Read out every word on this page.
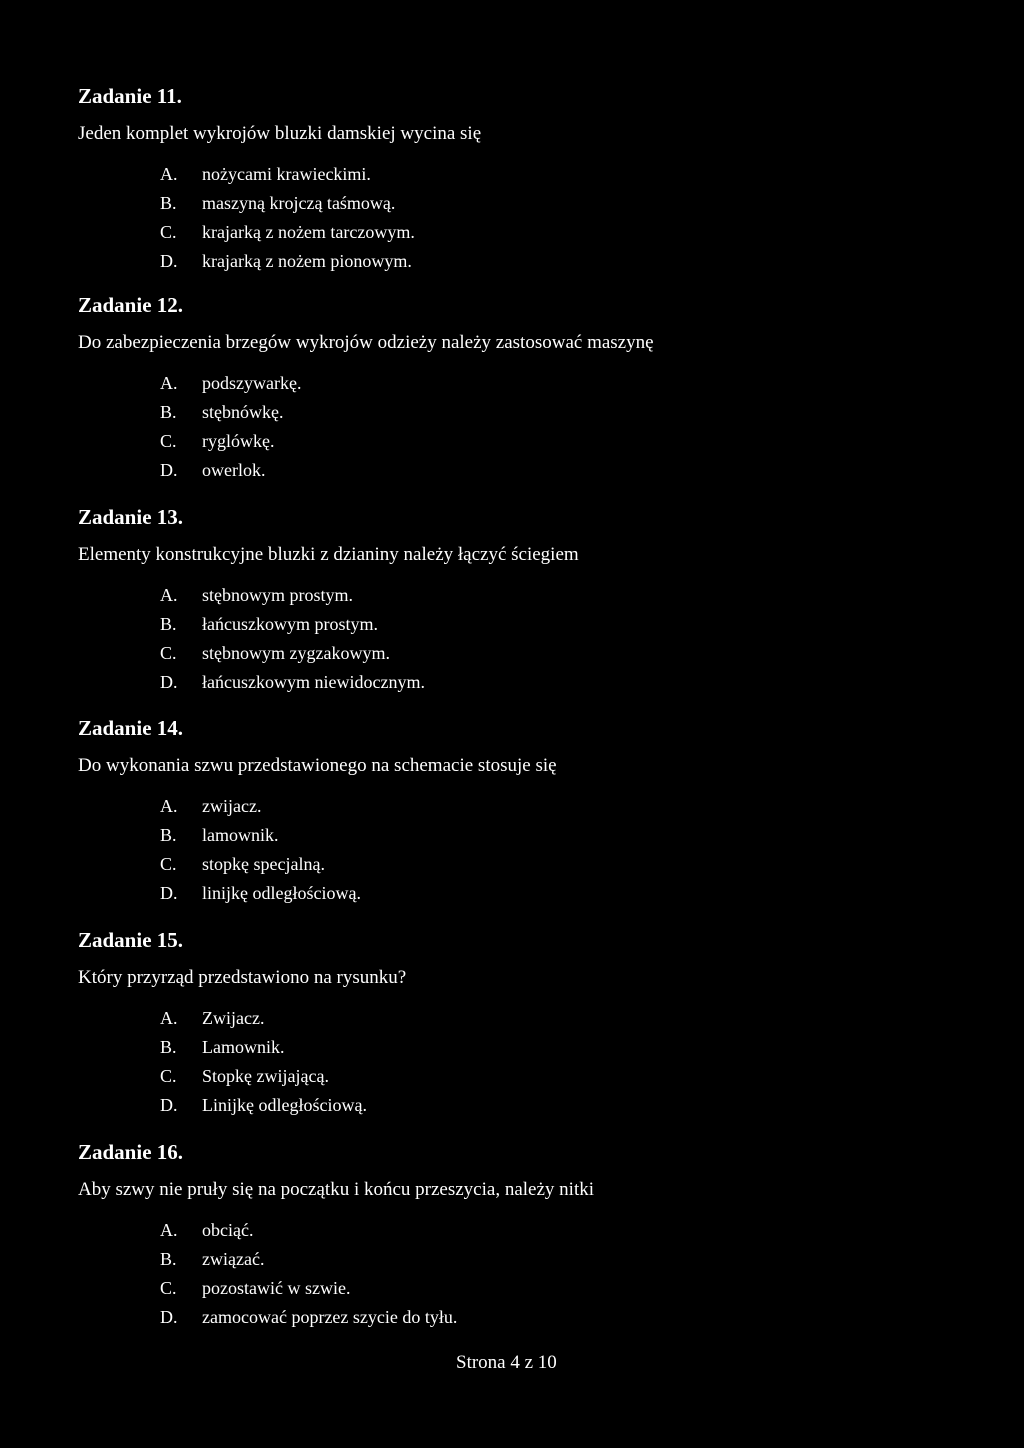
Zadanie 11.
Jeden komplet wykrojów bluzki damskiej wycina się
A. nożycami krawieckimi.
B. maszyną krojczą taśmową.
C. krajarką z nożem tarczowym.
D. krajarką z nożem pionowym.
Zadanie 12.
Do zabezpieczenia brzegów wykrojów odzieży należy zastosować maszynę
A. podszywarkę.
B. stębnówkę.
C. ryglówkę.
D. owerlok.
Zadanie 13.
Elementy konstrukcyjne bluzki z dzianiny należy łączyć ściegiem
A. stębnowym prostym.
B. łańcuszkowym prostym.
C. stębnowym zygzakowym.
D. łańcuszkowym niewidocznym.
Zadanie 14.
Do wykonania szwu przedstawionego na schemacie stosuje się
A. zwijacz.
B. lamownik.
C. stopkę specjalną.
D. linijkę odległościową.
Zadanie 15.
Który przyrząd przedstawiono na rysunku?
A. Zwijacz.
B. Lamownik.
C. Stopkę zwijającą.
D. Linijkę odległościową.
Zadanie 16.
Aby szwy nie pruły się na początku i końcu przeszycia, należy nitki
A. obciąć.
B. związać.
C. pozostawić w szwie.
D. zamocować poprzez szycie do tyłu.
Strona 4 z 10
